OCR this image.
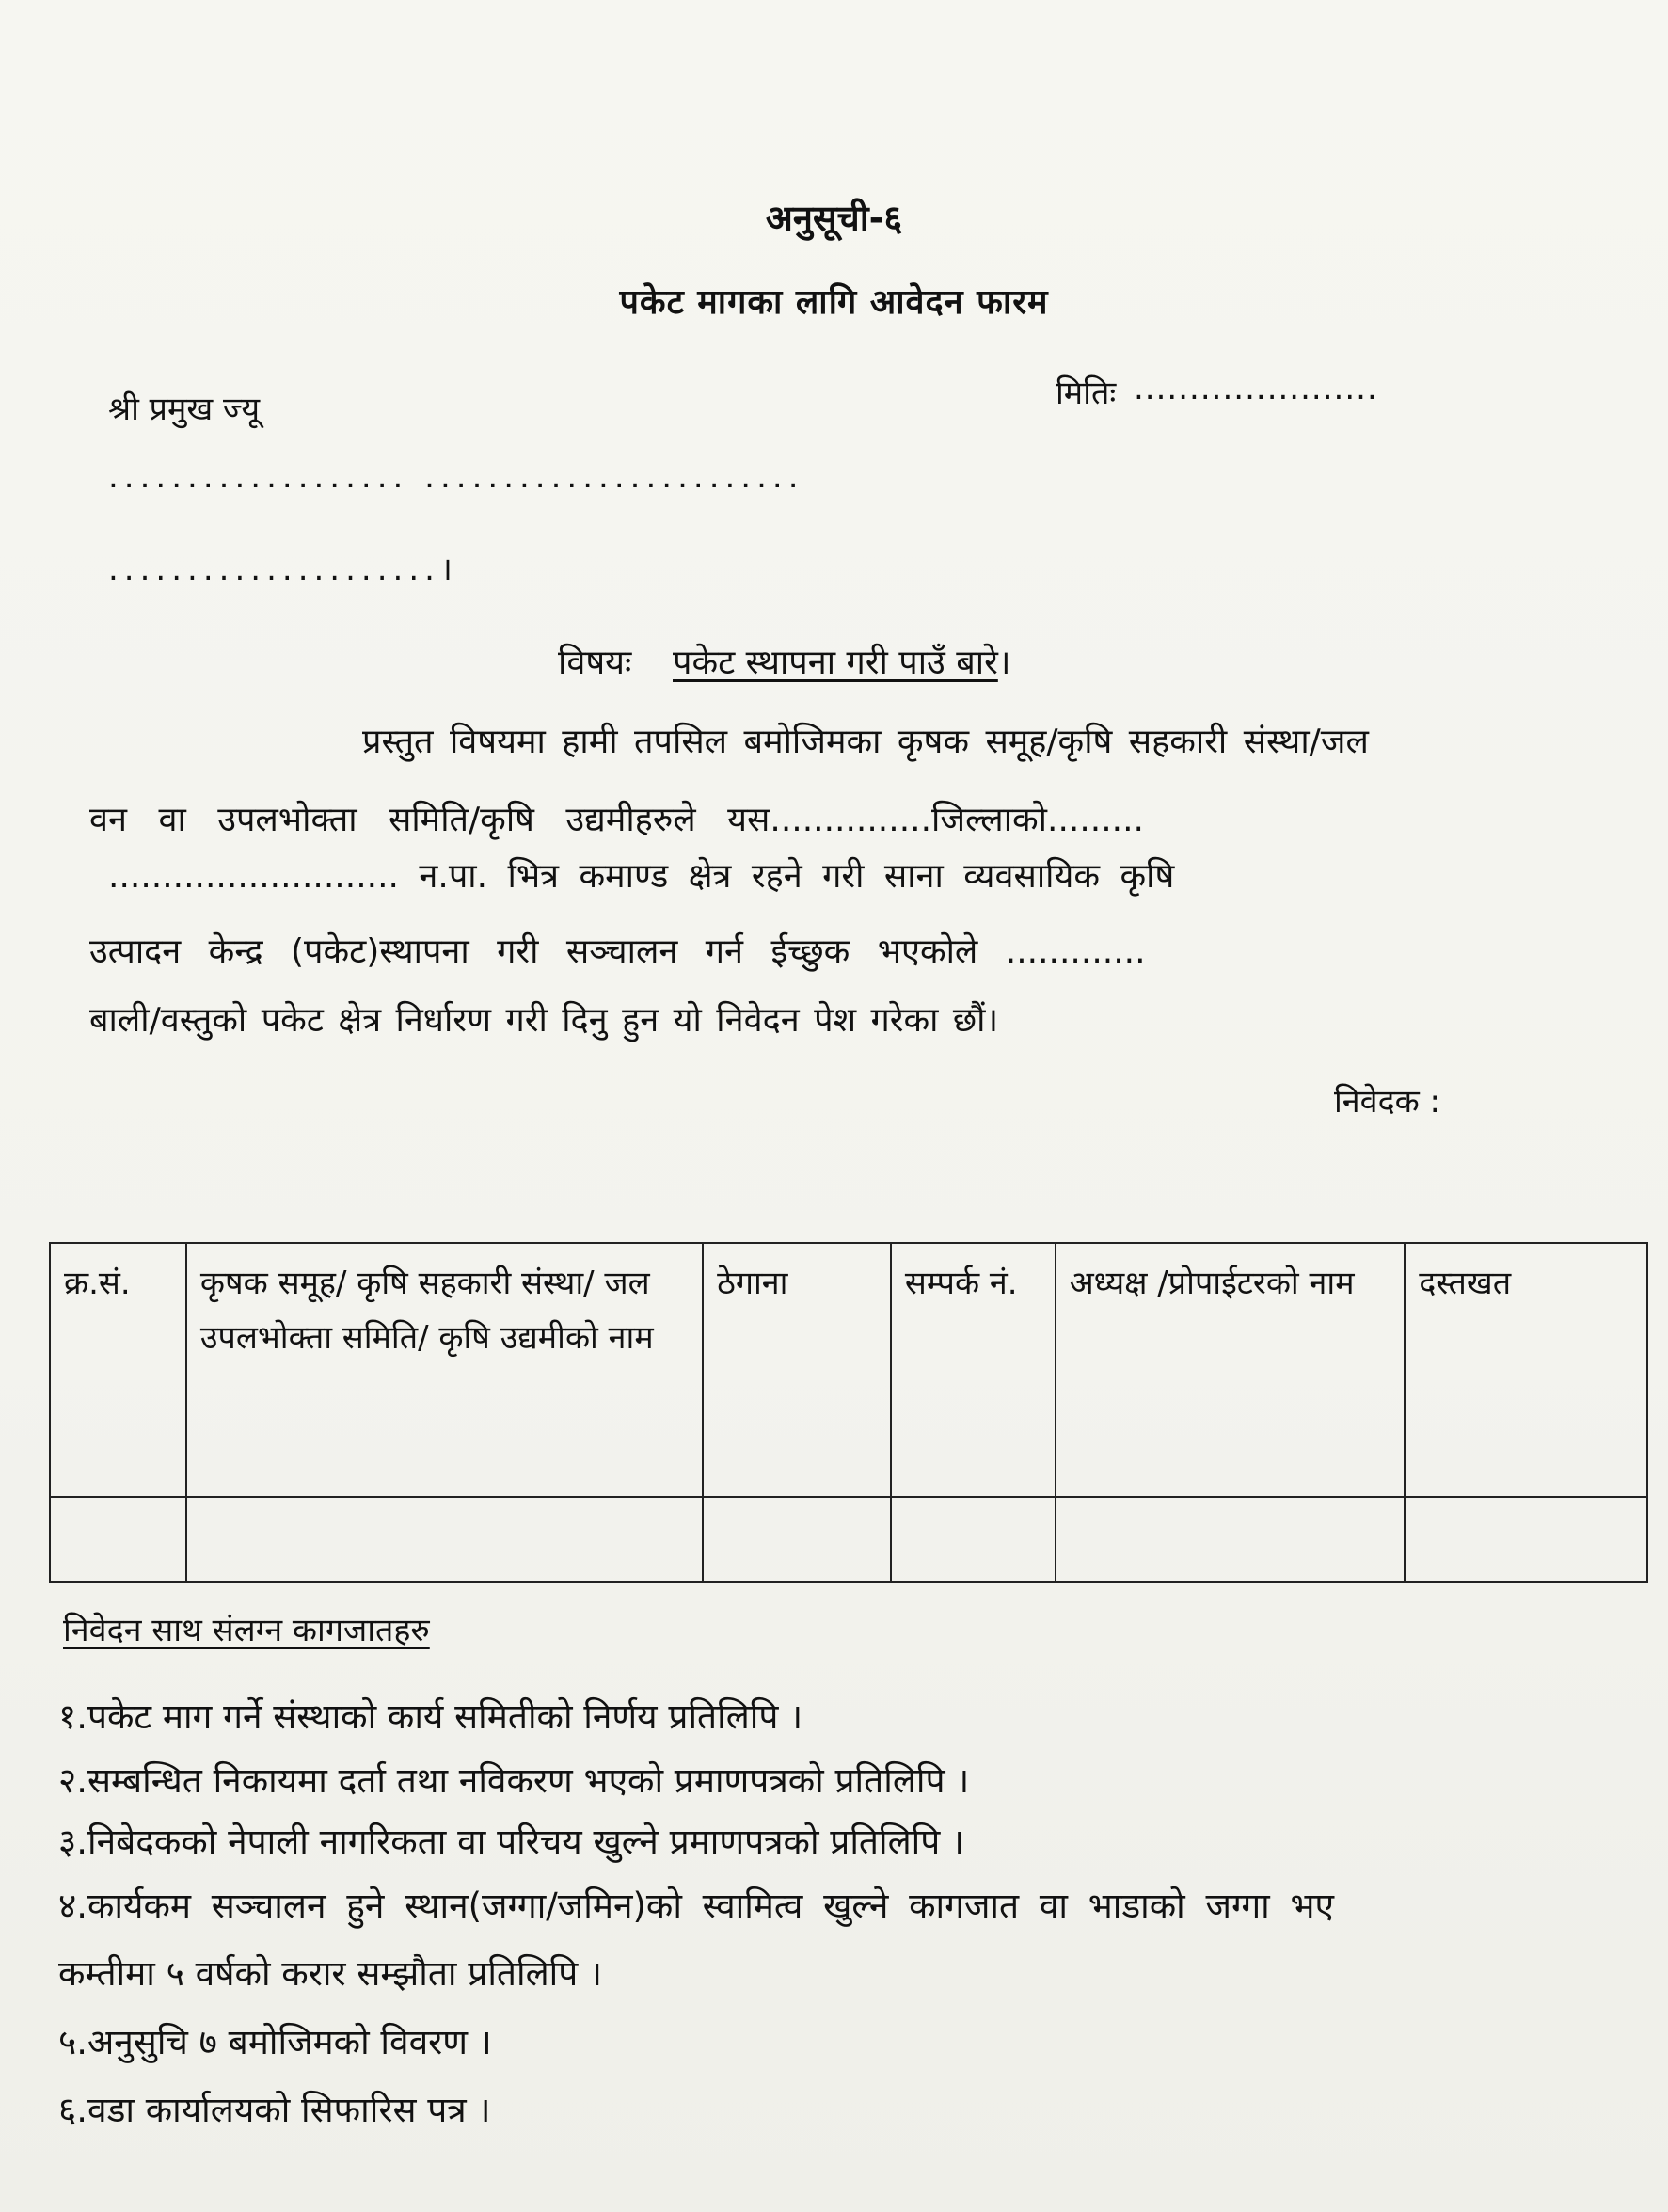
अनुसूची-६
पकेट मागका लागि आवेदन फारम
श्री प्रमुख ज्यू	मितिः ......................
................... ........................
.....................।
विषयः पकेट स्थापना गरी पाउँ बारे।
प्रस्तुत विषयमा हामी तपसिल बमोजिमका कृषक समूह/कृषि सहकारी संस्था/जल
वन वा उपलभोक्ता समिति/कृषि उद्यमीहरुले यस...............जिल्लाको.........
........................... न.पा. भित्र कमाण्ड क्षेत्र रहने गरी साना व्यवसायिक कृषि
उत्पादन केन्द्र (पकेट)स्थापना गरी सञ्चालन गर्न ईच्छुक भएकोले .............
बाली/वस्तुको पकेट क्षेत्र निर्धारण गरी दिनु हुन यो निवेदन पेश गरेका छौं।
निवेदक :
क्र.सं.	कृषक समूह/ कृषि सहकारी संस्था/ जल उपलभोक्ता समिति/ कृषि उद्यमीको नाम	ठेगाना	सम्पर्क नं.	अध्यक्ष /प्रोपाईटरको नाम	दस्तखत

निवेदन साथ संलग्न कागजातहरु
१.पकेट माग गर्ने संस्थाको कार्य समितीको निर्णय प्रतिलिपि ।
२.सम्बन्धित निकायमा दर्ता तथा नविकरण भएको प्रमाणपत्रको प्रतिलिपि ।
३.निबेदकको नेपाली नागरिकता वा परिचय खुल्ने प्रमाणपत्रको प्रतिलिपि ।
४.कार्यकम सञ्चालन हुने स्थान(जग्गा/जमिन)को स्वामित्व खुल्ने कागजात वा भाडाको जग्गा भए
कम्तीमा ५ वर्षको करार सम्झौता प्रतिलिपि ।
५.अनुसुचि ७ बमोजिमको विवरण ।
६.वडा कार्यालयको सिफारिस पत्र ।
